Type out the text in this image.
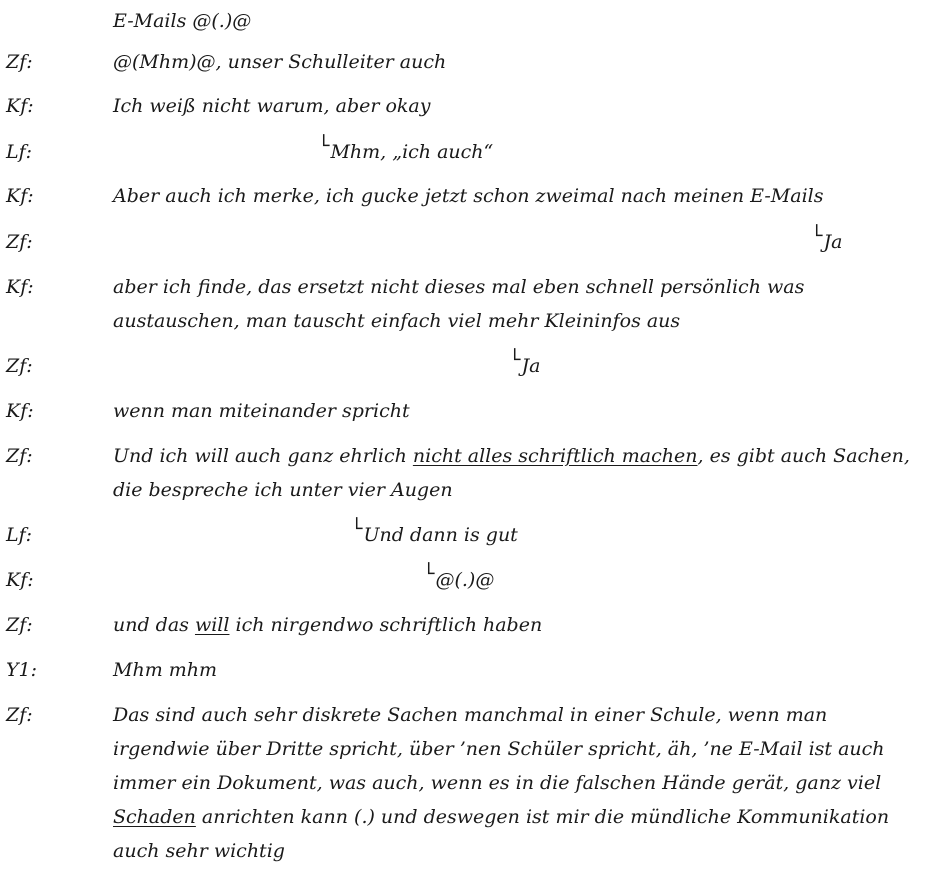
E-Mails @(.)@
Zf:	@(Mhm)@, unser Schulleiter auch
Kf:	Ich weiß nicht warum, aber okay
Lf:	└Mhm, „ich auch“
Kf:	Aber auch ich merke, ich gucke jetzt schon zweimal nach meinen E-Mails
Zf:	└Ja
Kf:	aber ich finde, das ersetzt nicht dieses mal eben schnell persönlich was
austauschen, man tauscht einfach viel mehr Kleininfos aus
Zf:	└Ja
Kf:	wenn man miteinander spricht
Zf:	Und ich will auch ganz ehrlich nicht alles schriftlich machen, es gibt auch Sachen,
die bespreche ich unter vier Augen
Lf:	└Und dann is gut
Kf:	└@(.)@
Zf:	und das will ich nirgendwo schriftlich haben
Y1:	Mhm mhm
Zf:	Das sind auch sehr diskrete Sachen manchmal in einer Schule, wenn man
irgendwie über Dritte spricht, über ’nen Schüler spricht, äh, ’ne E-Mail ist auch
immer ein Dokument, was auch, wenn es in die falschen Hände gerät, ganz viel
Schaden anrichten kann (.) und deswegen ist mir die mündliche Kommunikation
auch sehr wichtig
